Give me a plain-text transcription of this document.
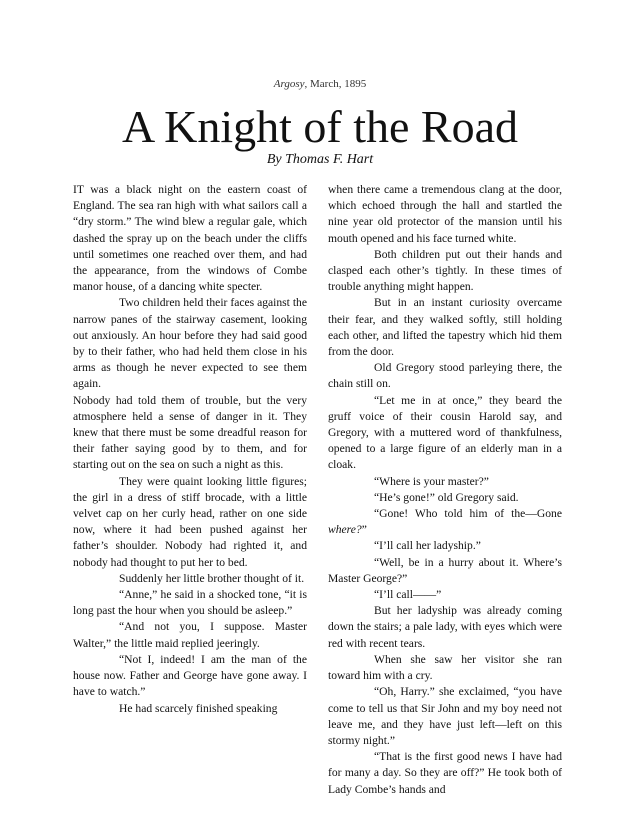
Argosy, March, 1895
A Knight of the Road
By Thomas F. Hart

IT was a black night on the eastern coast of England. The sea ran high with what sailors call a “dry storm.” The wind blew a regular gale, which dashed the spray up on the beach under the cliffs until sometimes one reached over them, and had the appearance, from the windows of Combe manor house, of a dancing white specter.

Two children held their faces against the narrow panes of the stairway casement, looking out anxiously. An hour before they had said good by to their father, who had held them close in his arms as though he never expected to see them again.

Nobody had told them of trouble, but the very atmosphere held a sense of danger in it. They knew that there must be some dreadful reason for their father saying good by to them, and for starting out on the sea on such a night as this.

They were quaint looking little figures; the girl in a dress of stiff brocade, with a little velvet cap on her curly head, rather on one side now, where it had been pushed against her father’s shoulder. Nobody had righted it, and nobody had thought to put her to bed.

Suddenly her little brother thought of it.

“Anne,” he said in a shocked tone, “it is long past the hour when you should be asleep.”

“And not you, I suppose. Master Walter,” the little maid replied jeeringly.

“Not I, indeed! I am the man of the house now. Father and George have gone away. I have to watch.”

He had scarcely finished speaking

when there came a tremendous clang at the door, which echoed through the hall and startled the nine year old protector of the mansion until his mouth opened and his face turned white.

Both children put out their hands and clasped each other’s tightly. In these times of trouble anything might happen.

But in an instant curiosity overcame their fear, and they walked softly, still holding each other, and lifted the tapestry which hid them from the door.

Old Gregory stood parleying there, the chain still on.

“Let me in at once,” they beard the gruff voice of their cousin Harold say, and Gregory, with a muttered word of thankfulness, opened to a large figure of an elderly man in a cloak.

“Where is your master?”

“He’s gone!” old Gregory said.

“Gone! Who told him of the—Gone where?”

“I’ll call her ladyship.”

“Well, be in a hurry about it. Where’s Master George?”

“I’ll call——”

But her ladyship was already coming down the stairs; a pale lady, with eyes which were red with recent tears.

When she saw her visitor she ran toward him with a cry.

“Oh, Harry.” she exclaimed, “you have come to tell us that Sir John and my boy need not leave me, and they have just left—left on this stormy night.”

“That is the first good news I have had for many a day. So they are off?” He took both of Lady Combe’s hands and
